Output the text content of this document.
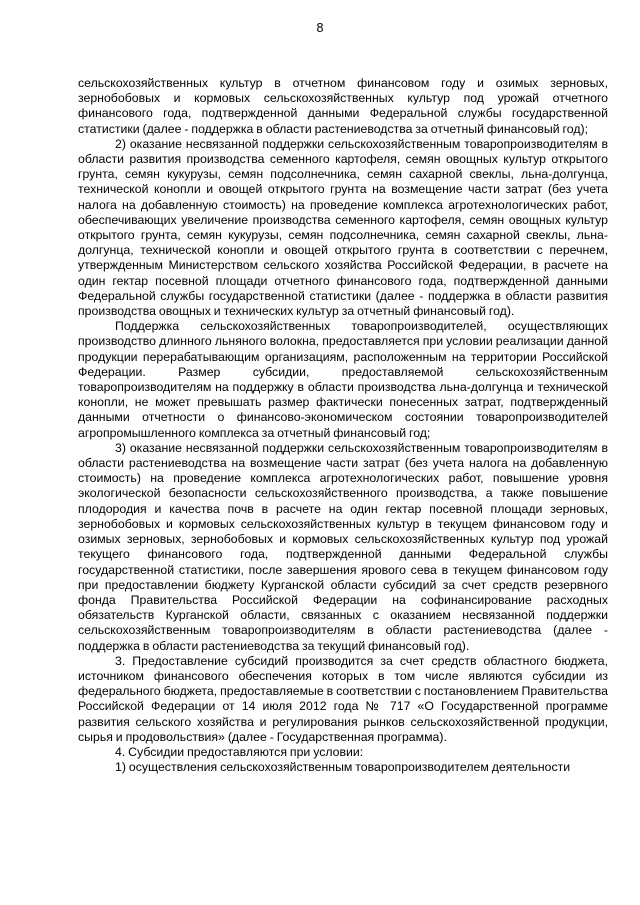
8

сельскохозяйственных культур в отчетном финансовом году и озимых зерновых, зернобобовых и кормовых сельскохозяйственных культур под урожай отчетного финансового года, подтвержденной данными Федеральной службы государственной статистики (далее - поддержка в области растениеводства за отчетный финансовый год);

2) оказание несвязанной поддержки сельскохозяйственным товаропроизводителям в области развития производства семенного картофеля, семян овощных культур открытого грунта, семян кукурузы, семян подсолнечника, семян сахарной свеклы, льна-долгунца, технической конопли и овощей открытого грунта на возмещение части затрат (без учета налога на добавленную стоимость) на проведение комплекса агротехнологических работ, обеспечивающих увеличение производства семенного картофеля, семян овощных культур открытого грунта, семян кукурузы, семян подсолнечника, семян сахарной свеклы, льна-долгунца, технической конопли и овощей открытого грунта в соответствии с перечнем, утвержденным Министерством сельского хозяйства Российской Федерации, в расчете на один гектар посевной площади отчетного финансового года, подтвержденной данными Федеральной службы государственной статистики (далее - поддержка в области развития производства овощных и технических культур за отчетный финансовый год).

Поддержка сельскохозяйственных товаропроизводителей, осуществляющих производство длинного льняного волокна, предоставляется при условии реализации данной продукции перерабатывающим организациям, расположенным на территории Российской Федерации. Размер субсидии, предоставляемой сельскохозяйственным товаропроизводителям на поддержку в области производства льна-долгунца и технической конопли, не может превышать размер фактически понесенных затрат, подтвержденный данными отчетности о финансово-экономическом состоянии товаропроизводителей агропромышленного комплекса за отчетный финансовый год;

3) оказание несвязанной поддержки сельскохозяйственным товаропроизводителям в области растениеводства на возмещение части затрат (без учета налога на добавленную стоимость) на проведение комплекса агротехнологических работ, повышение уровня экологической безопасности сельскохозяйственного производства, а также повышение плодородия и качества почв в расчете на один гектар посевной площади зерновых, зернобобовых и кормовых сельскохозяйственных культур в текущем финансовом году и озимых зерновых, зернобобовых и кормовых сельскохозяйственных культур под урожай текущего финансового года, подтвержденной данными Федеральной службы государственной статистики, после завершения ярового сева в текущем финансовом году при предоставлении бюджету Курганской области субсидий за счет средств резервного фонда Правительства Российской Федерации на софинансирование расходных обязательств Курганской области, связанных с оказанием несвязанной поддержки сельскохозяйственным товаропроизводителям в области растениеводства (далее - поддержка в области растениеводства за текущий финансовый год).

3. Предоставление субсидий производится за счет средств областного бюджета, источником финансового обеспечения которых в том числе являются субсидии из федерального бюджета, предоставляемые в соответствии с постановлением Правительства Российской Федерации от 14 июля 2012 года № 717 «О Государственной программе развития сельского хозяйства и регулирования рынков сельскохозяйственной продукции, сырья и продовольствия» (далее - Государственная программа).

4. Субсидии предоставляются при условии:

1) осуществления сельскохозяйственным товаропроизводителем деятельности
